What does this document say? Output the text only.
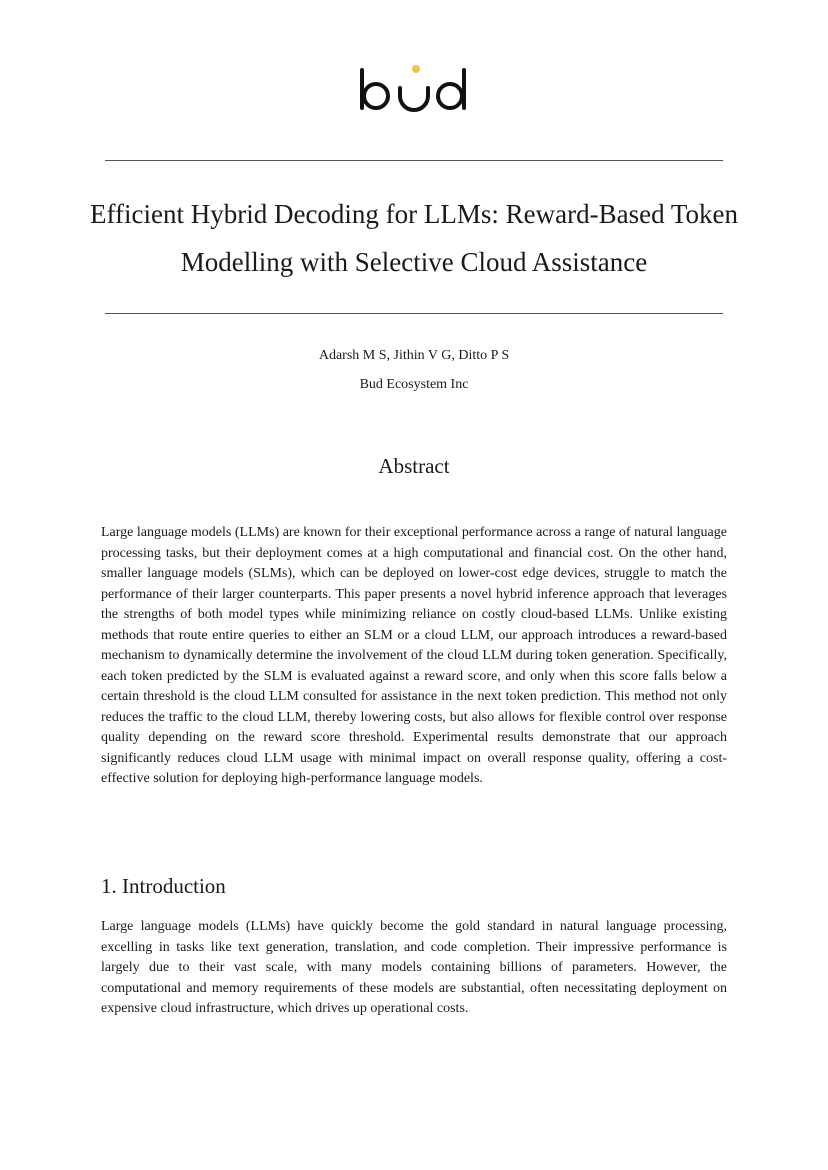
Efficient Hybrid Decoding for LLMs: Reward-Based Token Modelling with Selective Cloud Assistance
Adarsh M S, Jithin V G, Ditto P S
Bud Ecosystem Inc
Abstract

Large language models (LLMs) are known for their exceptional performance across a range of natural language processing tasks, but their deployment comes at a high computational and financial cost. On the other hand, smaller language models (SLMs), which can be deployed on lower-cost edge devices, struggle to match the performance of their larger counterparts. This paper presents a novel hybrid inference approach that leverages the strengths of both model types while minimizing reliance on costly cloud-based LLMs. Unlike existing methods that route entire queries to either an SLM or a cloud LLM, our approach introduces a reward-based mechanism to dynamically determine the involvement of the cloud LLM during token generation. Specifically, each token predicted by the SLM is evaluated against a reward score, and only when this score falls below a certain threshold is the cloud LLM consulted for assistance in the next token prediction. This method not only reduces the traffic to the cloud LLM, thereby lowering costs, but also allows for flexible control over response quality depending on the reward score threshold. Experimental results demonstrate that our approach significantly reduces cloud LLM usage with minimal impact on overall response quality, offering a cost-effective solution for deploying high-performance language models.

1. Introduction

Large language models (LLMs) have quickly become the gold standard in natural language processing, excelling in tasks like text generation, translation, and code completion. Their impressive performance is largely due to their vast scale, with many models containing billions of parameters. However, the computational and memory requirements of these models are substantial, often necessitating deployment on expensive cloud infrastructure, which drives up operational costs.
